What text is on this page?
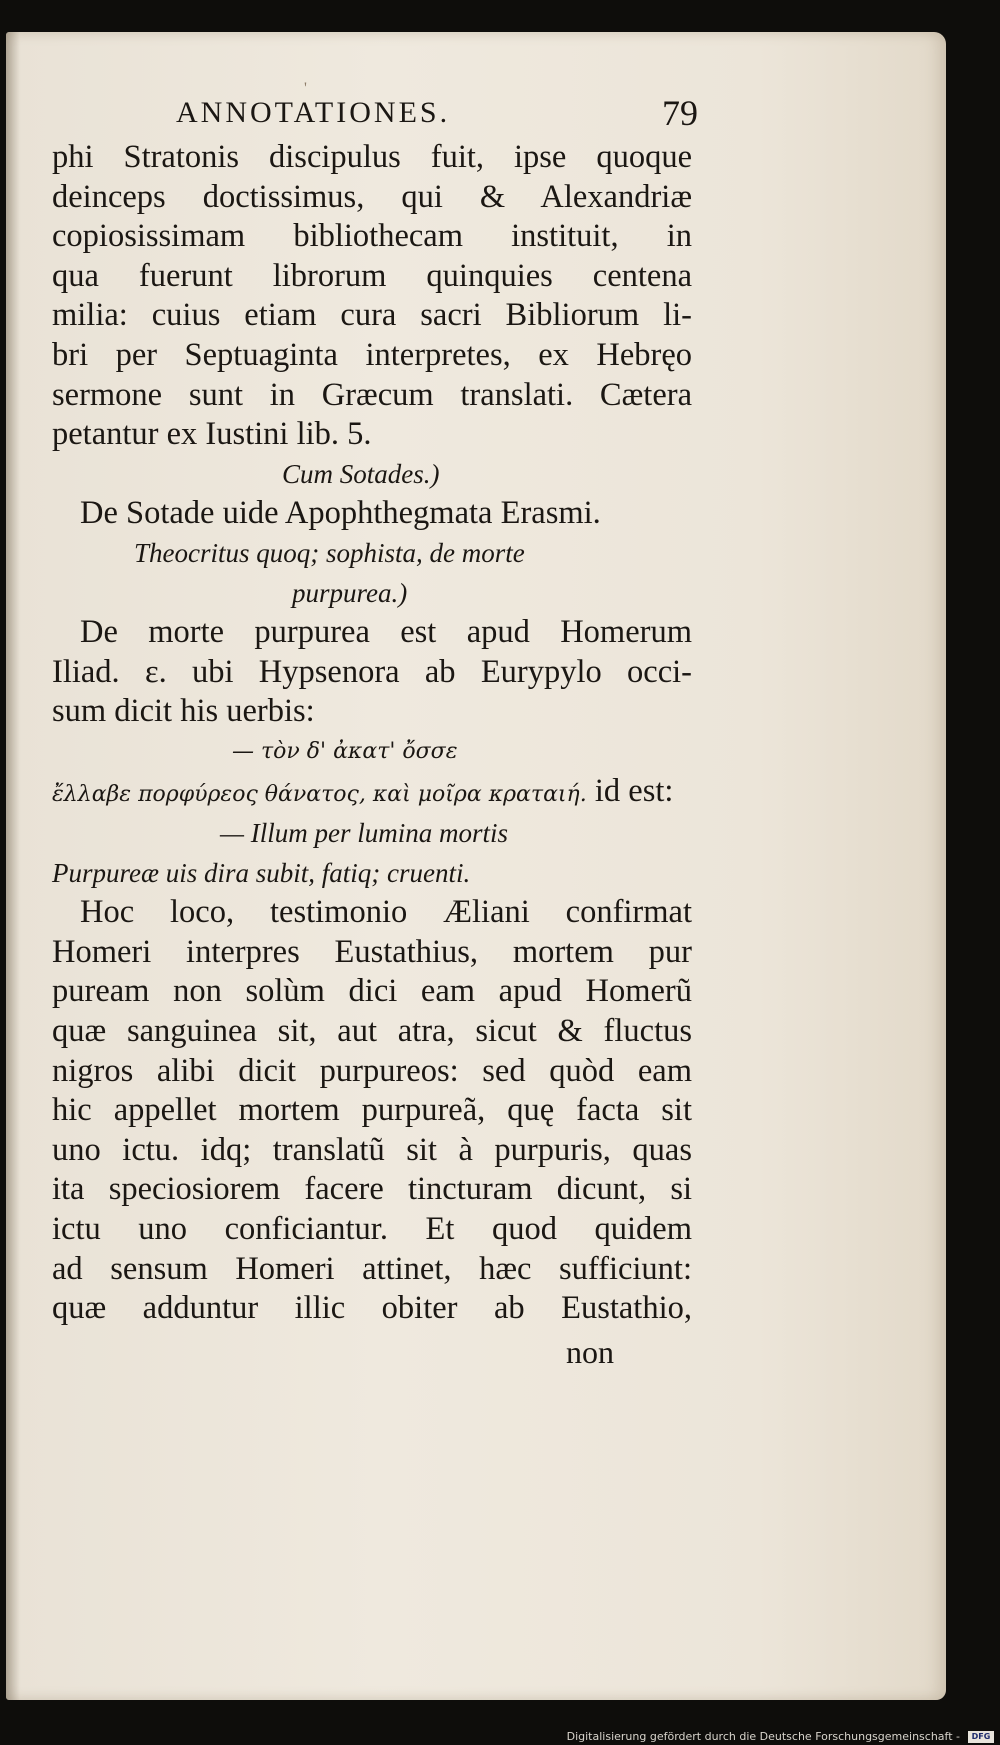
'
ANNOTATIONES.	79
phi Stratonis discipulus fuit, ipse quoque
deinceps doctissimus, qui & Alexandriæ
copiosissimam bibliothecam instituit, in
qua fuerunt librorum quinquies centena
milia: cuius etiam cura sacri Bibliorum li-
bri per Septuaginta interpretes, ex Hebręo
sermone sunt in Græcum translati. Cætera
petantur ex Iustini lib. 5.
Cum Sotades.)
De Sotade uide Apophthegmata Erasmi.
Theocritus quoq; sophista, de morte
purpurea.)
De morte purpurea est apud Homerum
Iliad. ε. ubi Hypsenora ab Eurypylo occi-
sum dicit his uerbis:
— τὸν δ' ἀκατ' ὄσσε
ἔλλαβε πορφύρεος θάνατος, καὶ μοῖρα κραταιή. id est:
— Illum per lumina mortis
Purpureæ uis dira subit, fatiq; cruenti.
Hoc loco, testimonio Æliani confirmat
Homeri interpres Eustathius, mortem pur
puream non solùm dici eam apud Homerũ
quæ sanguinea sit, aut atra, sicut & fluctus
nigros alibi dicit purpureos: sed quòd eam
hic appellet mortem purpureã, quę facta sit
uno ictu. idq; translatũ sit à purpuris, quas
ita speciosiorem facere tincturam dicunt, si
ictu uno conficiantur. Et quod quidem
ad sensum Homeri attinet, hæc sufficiunt:
quæ adduntur illic obiter ab Eustathio,
non
Digitalisierung gefördert durch die Deutsche Forschungsgemeinschaft -	DFG
